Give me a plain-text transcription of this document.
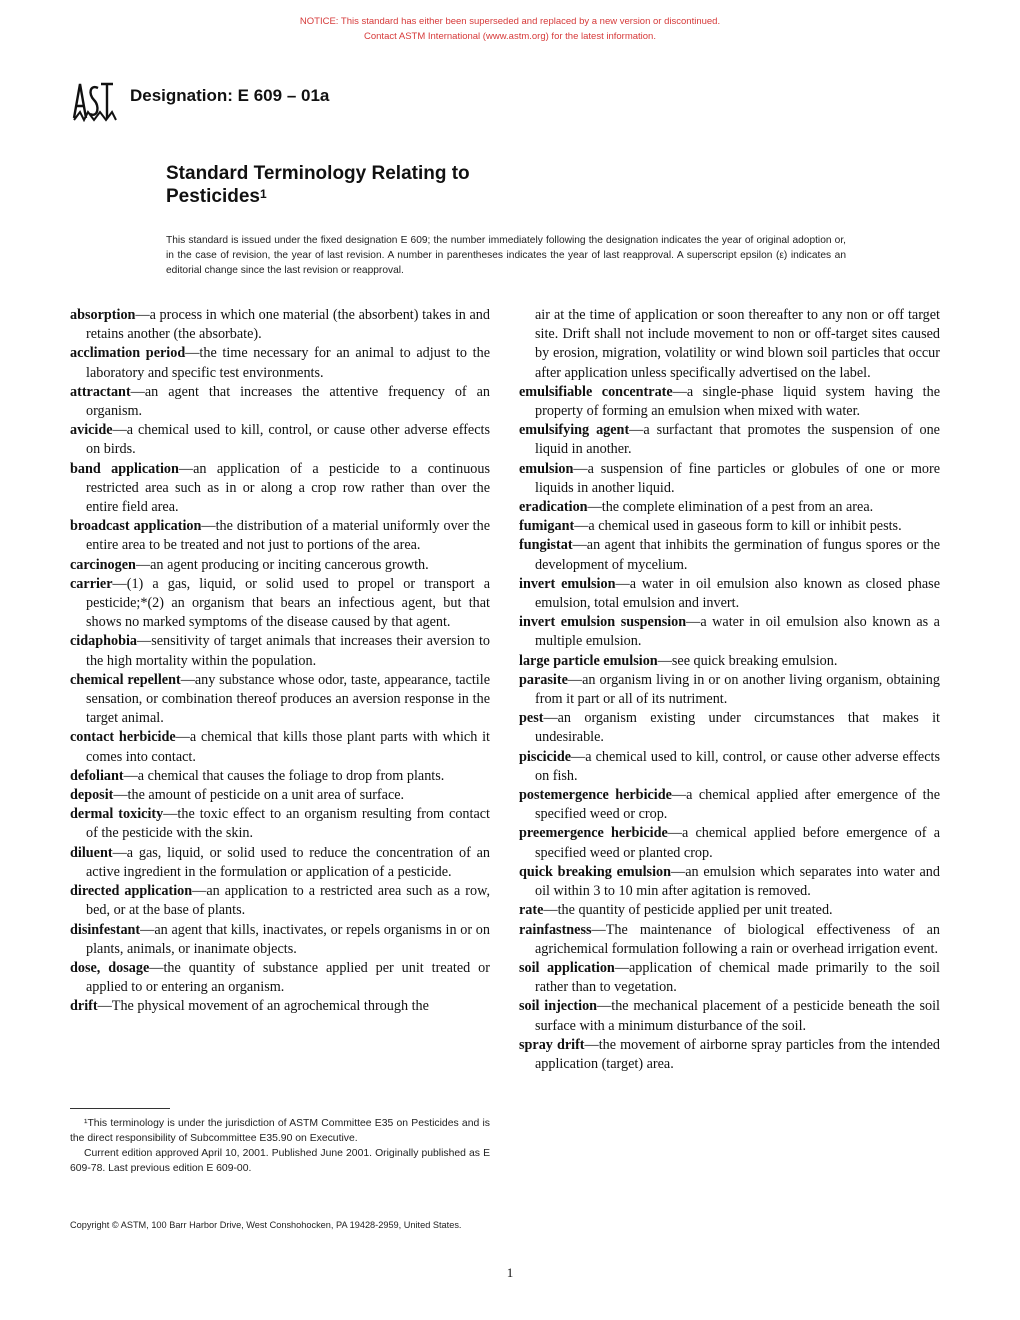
NOTICE: This standard has either been superseded and replaced by a new version or discontinued.
Contact ASTM International (www.astm.org) for the latest information.
ASTM
Designation: E 609 – 01a
Standard Terminology Relating to
Pesticides$^1$
This standard is issued under the fixed designation E 609; the number immediately following the designation indicates the year of original adoption or, in the case of revision, the year of last revision. A number in parentheses indicates the year of last reapproval. A superscript epsilon (ε) indicates an editorial change since the last revision or reapproval.
absorption—a process in which one material (the absorbent) takes in and retains another (the absorbate).
acclimation period—the time necessary for an animal to adjust to the laboratory and specific test environments.
attractant—an agent that increases the attentive frequency of an organism.
avicide—a chemical used to kill, control, or cause other adverse effects on birds.
band application—an application of a pesticide to a continuous restricted area such as in or along a crop row rather than over the entire field area.
broadcast application—the distribution of a material uniformly over the entire area to be treated and not just to portions of the area.
carcinogen—an agent producing or inciting cancerous growth.
carrier—(1) a gas, liquid, or solid used to propel or transport a pesticide;*(2) an organism that bears an infectious agent, but that shows no marked symptoms of the disease caused by that agent.
cidaphobia—sensitivity of target animals that increases their aversion to the high mortality within the population.
chemical repellent—any substance whose odor, taste, appearance, tactile sensation, or combination thereof produces an aversion response in the target animal.
contact herbicide—a chemical that kills those plant parts with which it comes into contact.
defoliant—a chemical that causes the foliage to drop from plants.
deposit—the amount of pesticide on a unit area of surface.
dermal toxicity—the toxic effect to an organism resulting from contact of the pesticide with the skin.
diluent—a gas, liquid, or solid used to reduce the concentration of an active ingredient in the formulation or application of a pesticide.
directed application—an application to a restricted area such as a row, bed, or at the base of plants.
disinfestant—an agent that kills, inactivates, or repels organisms in or on plants, animals, or inanimate objects.
dose, dosage—the quantity of substance applied per unit treated or applied to or entering an organism.
drift—The physical movement of an agrochemical through the
air at the time of application or soon thereafter to any non or off target site. Drift shall not include movement to non or off-target sites caused by erosion, migration, volatility or wind blown soil particles that occur after application unless specifically advertised on the label.
emulsifiable concentrate—a single-phase liquid system having the property of forming an emulsion when mixed with water.
emulsifying agent—a surfactant that promotes the suspension of one liquid in another.
emulsion—a suspension of fine particles or globules of one or more liquids in another liquid.
eradication—the complete elimination of a pest from an area.
fumigant—a chemical used in gaseous form to kill or inhibit pests.
fungistat—an agent that inhibits the germination of fungus spores or the development of mycelium.
invert emulsion—a water in oil emulsion also known as closed phase emulsion, total emulsion and invert.
invert emulsion suspension—a water in oil emulsion also known as a multiple emulsion.
large particle emulsion—see quick breaking emulsion.
parasite—an organism living in or on another living organism, obtaining from it part or all of its nutriment.
pest—an organism existing under circumstances that makes it undesirable.
piscicide—a chemical used to kill, control, or cause other adverse effects on fish.
postemergence herbicide—a chemical applied after emergence of the specified weed or crop.
preemergence herbicide—a chemical applied before emergence of a specified weed or planted crop.
quick breaking emulsion—an emulsion which separates into water and oil within 3 to 10 min after agitation is removed.
rate—the quantity of pesticide applied per unit treated.
rainfastness—The maintenance of biological effectiveness of an agrichemical formulation following a rain or overhead irrigation event.
soil application—application of chemical made primarily to the soil rather than to vegetation.
soil injection—the mechanical placement of a pesticide beneath the soil surface with a minimum disturbance of the soil.
spray drift—the movement of airborne spray particles from the intended application (target) area.

¹This terminology is under the jurisdiction of ASTM Committee E35 on Pesticides and is the direct responsibility of Subcommittee E35.90 on Executive.

Current edition approved April 10, 2001. Published June 2001. Originally published as E 609-78. Last previous edition E 609-00.

Copyright © ASTM, 100 Barr Harbor Drive, West Conshohocken, PA 19428-2959, United States.
1
